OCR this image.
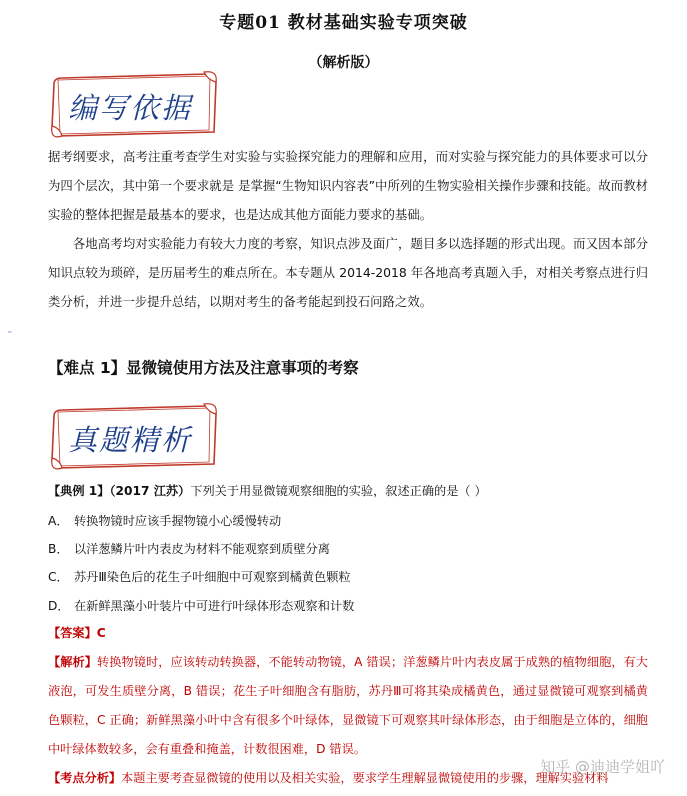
专题01 教材基础实验专项突破
（解析版）
编写依据
据考纲要求，高考注重考查学生对实验与实验探究能力的理解和应用，而对实验与探究能力的具体要求可以分为四个层次，其中第一个要求就是 是掌握“生物知识内容表”中所列的生物实验相关操作步骤和技能。故而教材实验的整体把握是最基本的要求，也是达成其他方面能力要求的基础。
各地高考均对实验能力有较大力度的考察，知识点涉及面广，题目多以选择题的形式出现。而又因本部分知识点较为琐碎，是历届考生的难点所在。本专题从 2014-2018 年各地高考真题入手，对相关考察点进行归类分析，并进一步提升总结，以期对考生的备考能起到投石问路之效。
⌄
【难点 1】显微镜使用方法及注意事项的考察
真题精析
【典例 1】（2017 江苏）下列关于用显微镜观察细胞的实验，叙述正确的是（ ）
A． 转换物镜时应该手握物镜小心缓慢转动
B． 以洋葱鳞片叶内表皮为材料不能观察到质壁分离
C． 苏丹Ⅲ染色后的花生子叶细胞中可观察到橘黄色颗粒
D． 在新鲜黑藻小叶装片中可进行叶绿体形态观察和计数
【答案】C
【解析】转换物镜时，应该转动转换器，不能转动物镜，A 错误；洋葱鳞片叶内表皮属于成熟的植物细胞，有大液泡，可发生质壁分离，B 错误；花生子叶细胞含有脂肪，苏丹Ⅲ可将其染成橘黄色，通过显微镜可观察到橘黄色颗粒，C 正确；新鲜黑藻小叶中含有很多个叶绿体，显微镜下可观察其叶绿体形态，由于细胞是立体的，细胞中叶绿体数较多，会有重叠和掩盖，计数很困难，D 错误。
【考点分析】本题主要考查显微镜的使用以及相关实验，要求学生理解显微镜使用的步骤，理解实验材料
知乎 @迪迪学姐吖
